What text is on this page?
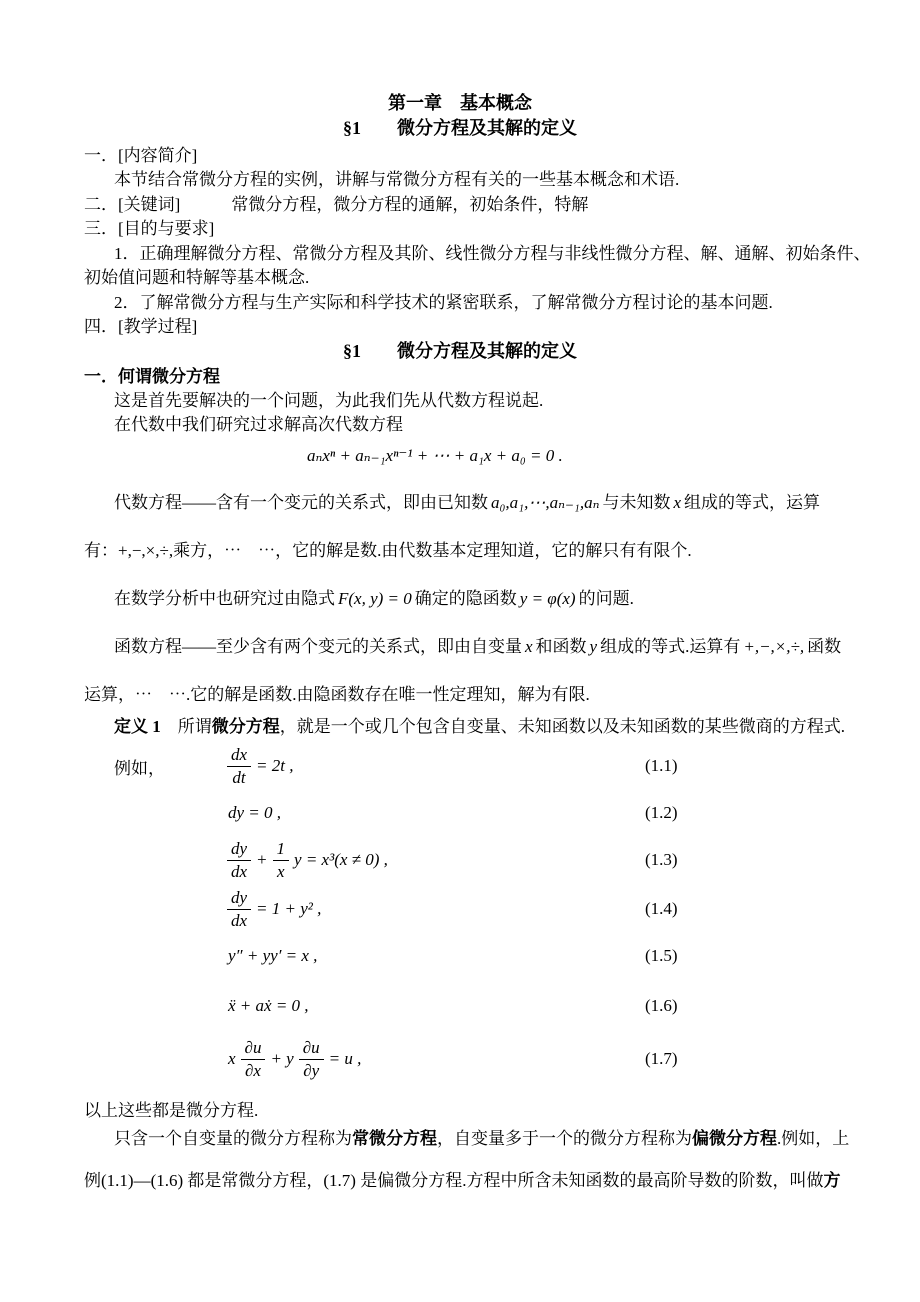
第一章　基本概念
§1　　微分方程及其解的定义
一．[内容简介]
本节结合常微分方程的实例，讲解与常微分方程有关的一些基本概念和术语.
二．[关键词]　　　常微分方程，微分方程的通解，初始条件，特解
三．[目的与要求]
1．正确理解微分方程、常微分方程及其阶、线性微分方程与非线性微分方程、解、通解、初始条件、
初始值问题和特解等基本概念.
2．了解常微分方程与生产实际和科学技术的紧密联系，了解常微分方程讨论的基本问题.
四．[教学过程]
§1　　微分方程及其解的定义
一．何谓微分方程
这是首先要解决的一个问题，为此我们先从代数方程说起.
在代数中我们研究过求解高次代数方程
aₙxⁿ + aₙ₋₁xⁿ⁻¹ + ⋯ + a₁x + a₀ = 0 .
代数方程——含有一个变元的关系式，即由已知数 a₀,a₁,⋯,aₙ₋₁,aₙ 与未知数 x 组成的等式，运算
有：+,−,×,÷,乘方，⋯　⋯，它的解是数.由代数基本定理知道，它的解只有有限个.
在数学分析中也研究过由隐式 F(x, y) = 0 确定的隐函数 y = φ(x) 的问题.
函数方程——至少含有两个变元的关系式，即由自变量 x 和函数 y 组成的等式.运算有 +,−,×,÷, 函数
运算，⋯　⋯.它的解是函数.由隐函数存在唯一性定理知，解为有限.
定义 1　所谓微分方程，就是一个或几个包含自变量、未知函数以及未知函数的某些微商的方程式.
例如，	$\frac{dx}{dt} = 2t$ ,	(1.1)
dy = 0 ,	(1.2)
$\frac{dy}{dx} + \frac{1}{x}$ y = x³(x ≠ 0) ,	(1.3)
$\frac{dy}{dx} = 1 + y^2$ ,	(1.4)
y″ + yy′ = x ,	(1.5)
ẍ + aẋ = 0 ,	(1.6)
x $\frac{\partial u}{\partial x} + y \frac{\partial u}{\partial y} = u$ ,	(1.7)
以上这些都是微分方程.
只含一个自变量的微分方程称为常微分方程，自变量多于一个的微分方程称为偏微分方程.例如，上
例(1.1)—(1.6) 都是常微分方程，(1.7) 是偏微分方程.方程中所含未知函数的最高阶导数的阶数，叫做方
